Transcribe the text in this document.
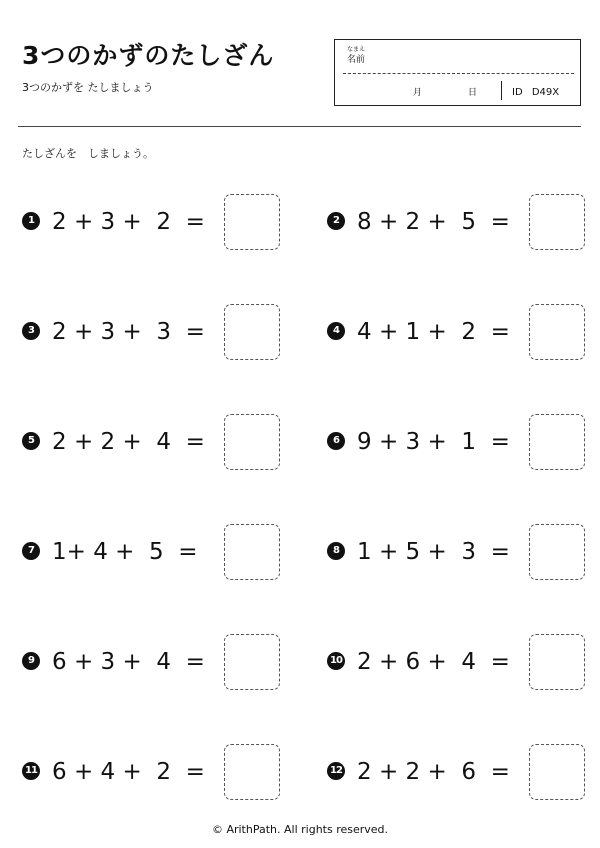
3つのかずのたしざん
3つのかずを たしましょう
なまえ
名前
月	日	ID D49X
たしざんを　しましょう。
1 2 + 3 +  2  =	2 8 + 2 +  5  =
3 2 + 3 +  3  =	4 4 + 1 +  2  =
5 2 + 2 +  4  =	6 9 + 3 +  1  =
7 1+ 4 +  5  =	8 1 + 5 +  3  =
9 6 + 3 +  4  =	10 2 + 6 +  4  =
11 6 + 4 +  2  =	12 2 + 2 +  6  =
© ArithPath. All rights reserved.
